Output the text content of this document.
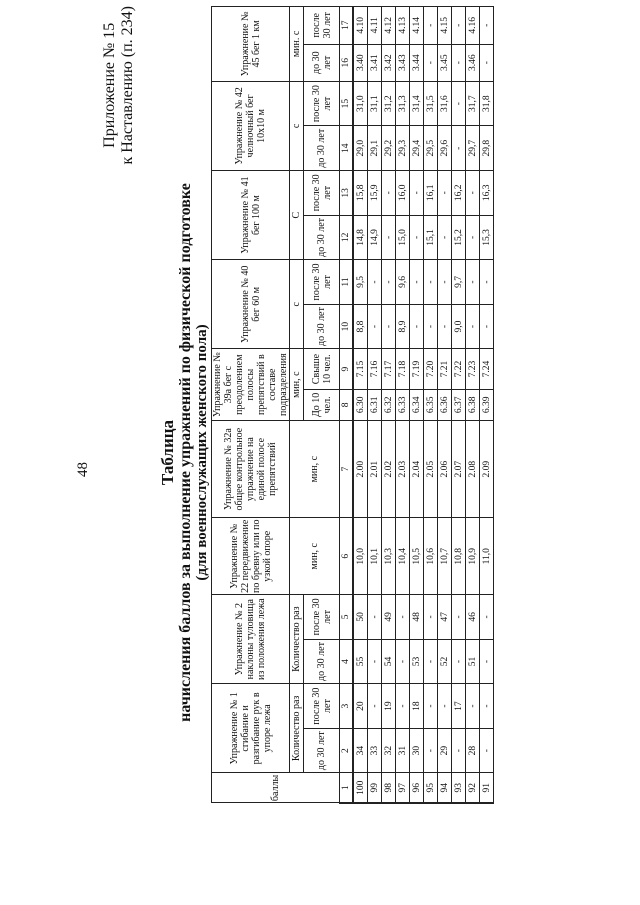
48
Приложение № 15 к Наставлению (п. 234)
Таблица начисления баллов за выполнение упражнений по физической подготовке (для военнослужащих женского пола)
баллы	Упражнение № 1 сгибание и разгибание рук в упоре лежа		Упражнение № 2 наклоны туловища из положения лежа		Упражнение № 22 передвижение по бревну или по узкой опоре	Упражнение № 32а общее контрольное упражнение на единой полосе препятствий	Упражнение № 39а бег с преодолением полосы препятствий в составе подразделения		Упражнение № 40 бег 60 м		Упражнение № 41 бег 100 м		Упражнение № 42 челночный бег 10x10 м		Упражнение № 45 бег 1 км	
	Количество раз		Количество раз		мин, с	мин, с	мин, с		с		С		с		мин. с	
	до 30 лет	после 30 лет	до 30 лет	после 30 лет			До 10 чел.	Свыше 10 чел.	до 30 лет	после 30 лет	до 30 лет	после 30 лет	до 30 лет	после 30 лет	до 30 лет	после 30 лет
1	2	3	4	5	6	7	8	9	10	11	12	13	14	15	16	17
100	34	20	55	50	10,0	2.00	6.30	7.15	8,8	9,5	14,8	15,8	29,0	31,0	3.40	4.10
99	33	-	-	-	10,1	2.01	6.31	7.16	-	-	14,9	15,9	29,1	31,1	3.41	4.11
98	32	19	54	49	10,3	2.02	6.32	7.17	-	-	-	-	29,2	31,2	3.42	4.12
97	31	-	-	-	10,4	2.03	6.33	7.18	8,9	9,6	15,0	16,0	29,3	31,3	3.43	4.13
96	30	18	53	48	10,5	2.04	6.34	7.19	-	-	-	-	29,4	31,4	3.44	4.14
95	-	-	-	-	10,6	2.05	6.35	7.20	-	-	15,1	16,1	29,5	31,5	-	-
94	29	-	52	47	10,7	2.06	6.36	7.21	-	-	-	-	29,6	31,6	3.45	4.15
93	-	17	-	-	10,8	2.07	6.37	7.22	9,0	9,7	15,2	16,2	-	-	-	-
92	28	-	51	46	10,9	2.08	6.38	7.23	-	-	-	-	29,7	31,7	3.46	4.16
91	-	-	-	-	11,0	2.09	6.39	7.24	-	-	15,3	16,3	29,8	31,8	-	-
